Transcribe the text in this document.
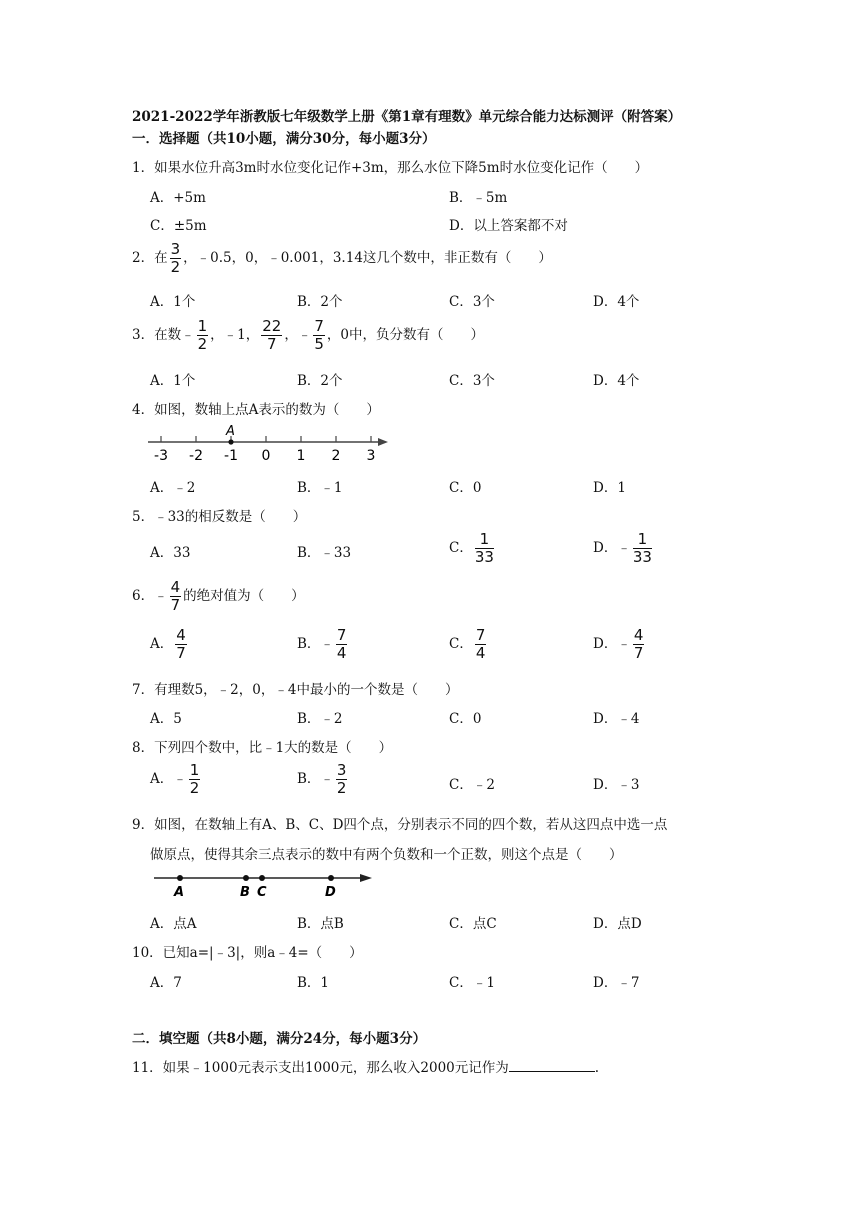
2021-2022学年浙教版七年级数学上册《第1章有理数》单元综合能力达标测评（附答案）
一．选择题（共10小题，满分30分，每小题3分）
1．如果水位升高3m时水位变化记作+3m，那么水位下降5m时水位变化记作（　　）
A．+5m	B．﹣5m
C．±5m	D．以上答案都不对
2．在 $\frac{3}{2}$ ，﹣0.5，0，﹣0.001，3.14这几个数中，非正数有（　　）
A．1个	B．2个	C．3个	D．4个
3．在数﹣ $\frac{1}{2}$ ，﹣1， $\frac{22}{7}$ ，﹣ $\frac{7}{5}$ ，0中，负分数有（　　）
A．1个	B．2个	C．3个	D．4个
4．如图，数轴上点A表示的数为（　　）
-3 -2 -1 0 1 2 3
A
A．﹣2	B．﹣1	C．0	D．1
5．﹣33的相反数是（　　）
A．33	B．﹣33	C． $\frac{1}{33}$	D．﹣ $\frac{1}{33}$
6．﹣ $\frac{4}{7}$ 的绝对值为（　　）
A． $\frac{4}{7}$	B．﹣ $\frac{7}{4}$	C． $\frac{7}{4}$	D．﹣ $\frac{4}{7}$
7．有理数5，﹣2，0，﹣4中最小的一个数是（　　）
A．5	B．﹣2	C．0	D．﹣4
8．下列四个数中，比﹣1大的数是（　　）
A．﹣ $\frac{1}{2}$	B．﹣ $\frac{3}{2}$	C．﹣2	D．﹣3
9．如图，在数轴上有A、B、C、D四个点，分别表示不同的四个数，若从这四点中选一点
做原点，使得其余三点表示的数中有两个负数和一个正数，则这个点是（　　）
A	B C	D
A．点A	B．点B	C．点C	D．点D
10．已知a=|﹣3|，则a﹣4=（　　）
A．7	B．1	C．﹣1	D．﹣7
二．填空题（共8小题，满分24分，每小题3分）
11．如果﹣1000元表示支出1000元，那么收入2000元记作为	.
